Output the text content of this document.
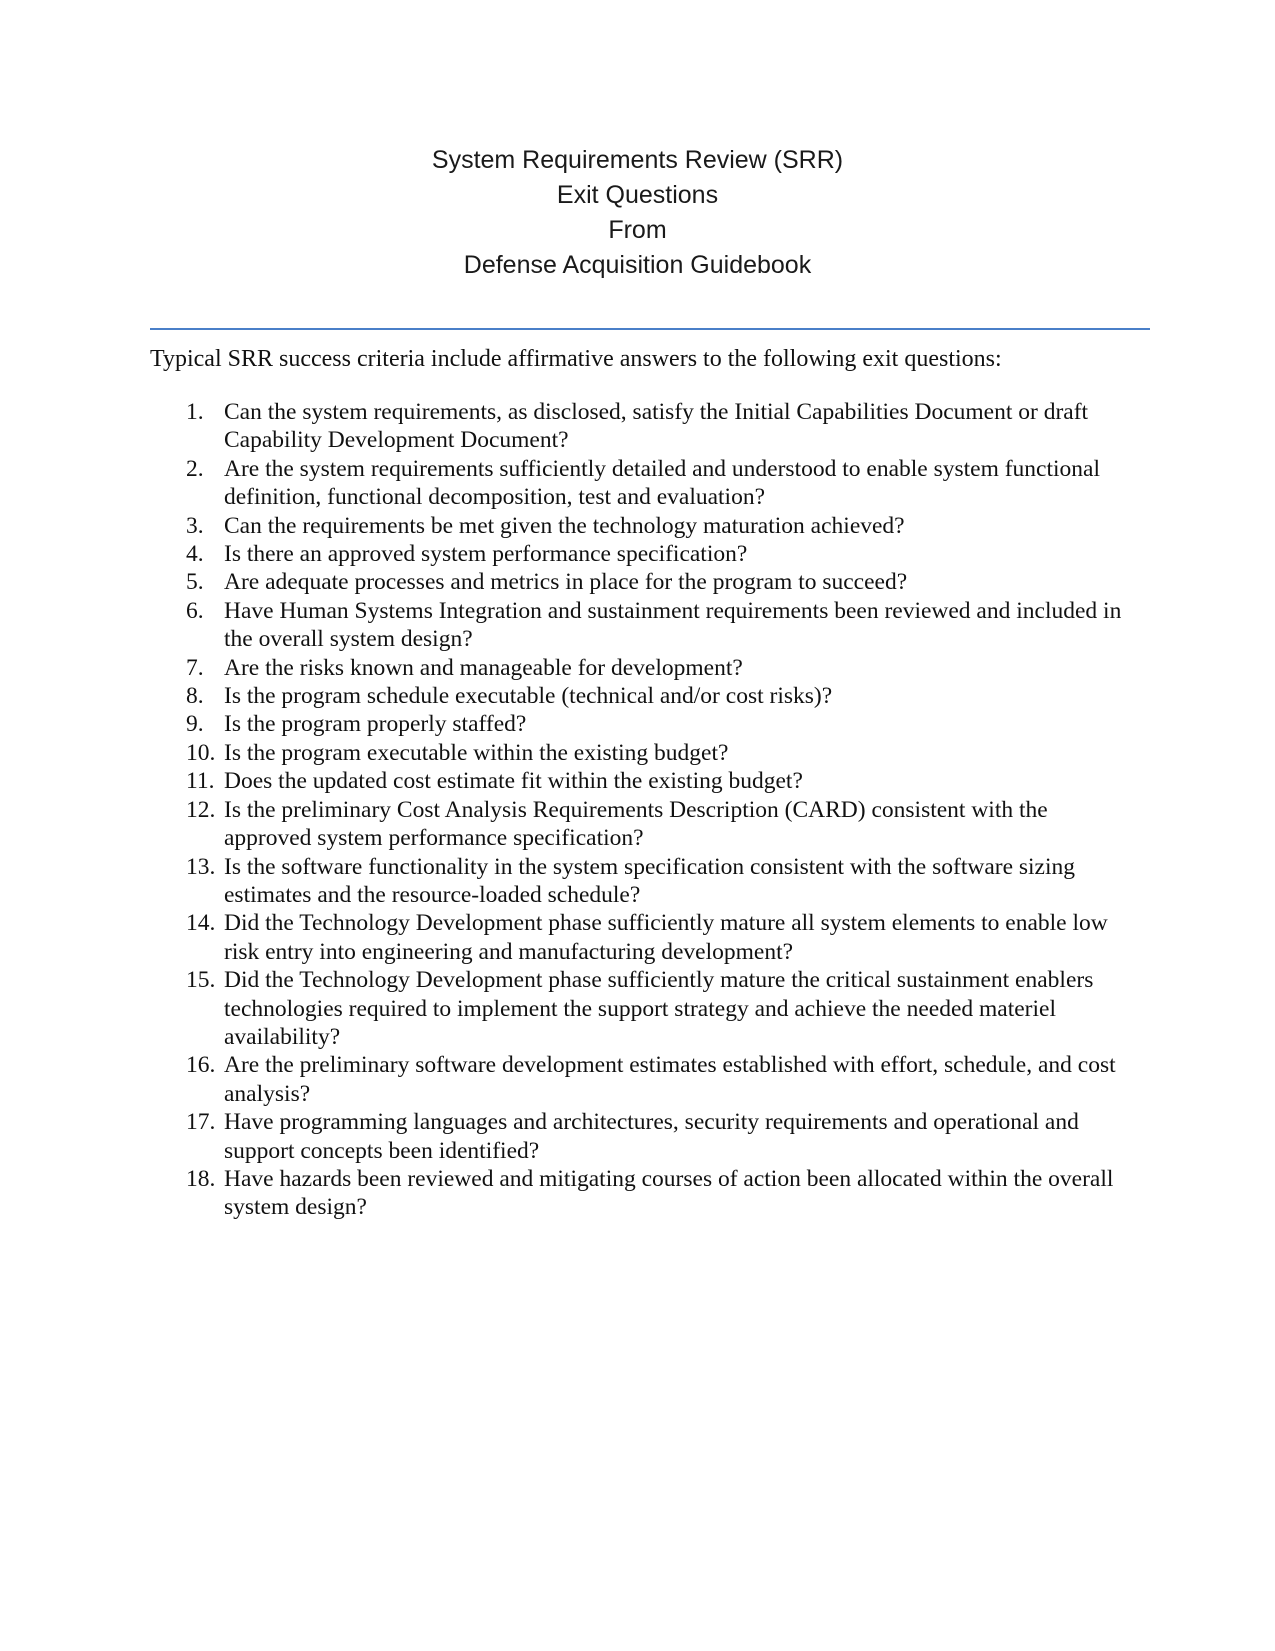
System Requirements Review (SRR)
Exit Questions
From
Defense Acquisition Guidebook

Typical SRR success criteria include affirmative answers to the following exit questions:

1. Can the system requirements, as disclosed, satisfy the Initial Capabilities Document or draft Capability Development Document?
2. Are the system requirements sufficiently detailed and understood to enable system functional definition, functional decomposition, test and evaluation?
3. Can the requirements be met given the technology maturation achieved?
4. Is there an approved system performance specification?
5. Are adequate processes and metrics in place for the program to succeed?
6. Have Human Systems Integration and sustainment requirements been reviewed and included in the overall system design?
7. Are the risks known and manageable for development?
8. Is the program schedule executable (technical and/or cost risks)?
9. Is the program properly staffed?
10. Is the program executable within the existing budget?
11. Does the updated cost estimate fit within the existing budget?
12. Is the preliminary Cost Analysis Requirements Description (CARD) consistent with the approved system performance specification?
13. Is the software functionality in the system specification consistent with the software sizing estimates and the resource-loaded schedule?
14. Did the Technology Development phase sufficiently mature all system elements to enable low risk entry into engineering and manufacturing development?
15. Did the Technology Development phase sufficiently mature the critical sustainment enablers technologies required to implement the support strategy and achieve the needed materiel availability?
16. Are the preliminary software development estimates established with effort, schedule, and cost analysis?
17. Have programming languages and architectures, security requirements and operational and support concepts been identified?
18. Have hazards been reviewed and mitigating courses of action been allocated within the overall system design?
